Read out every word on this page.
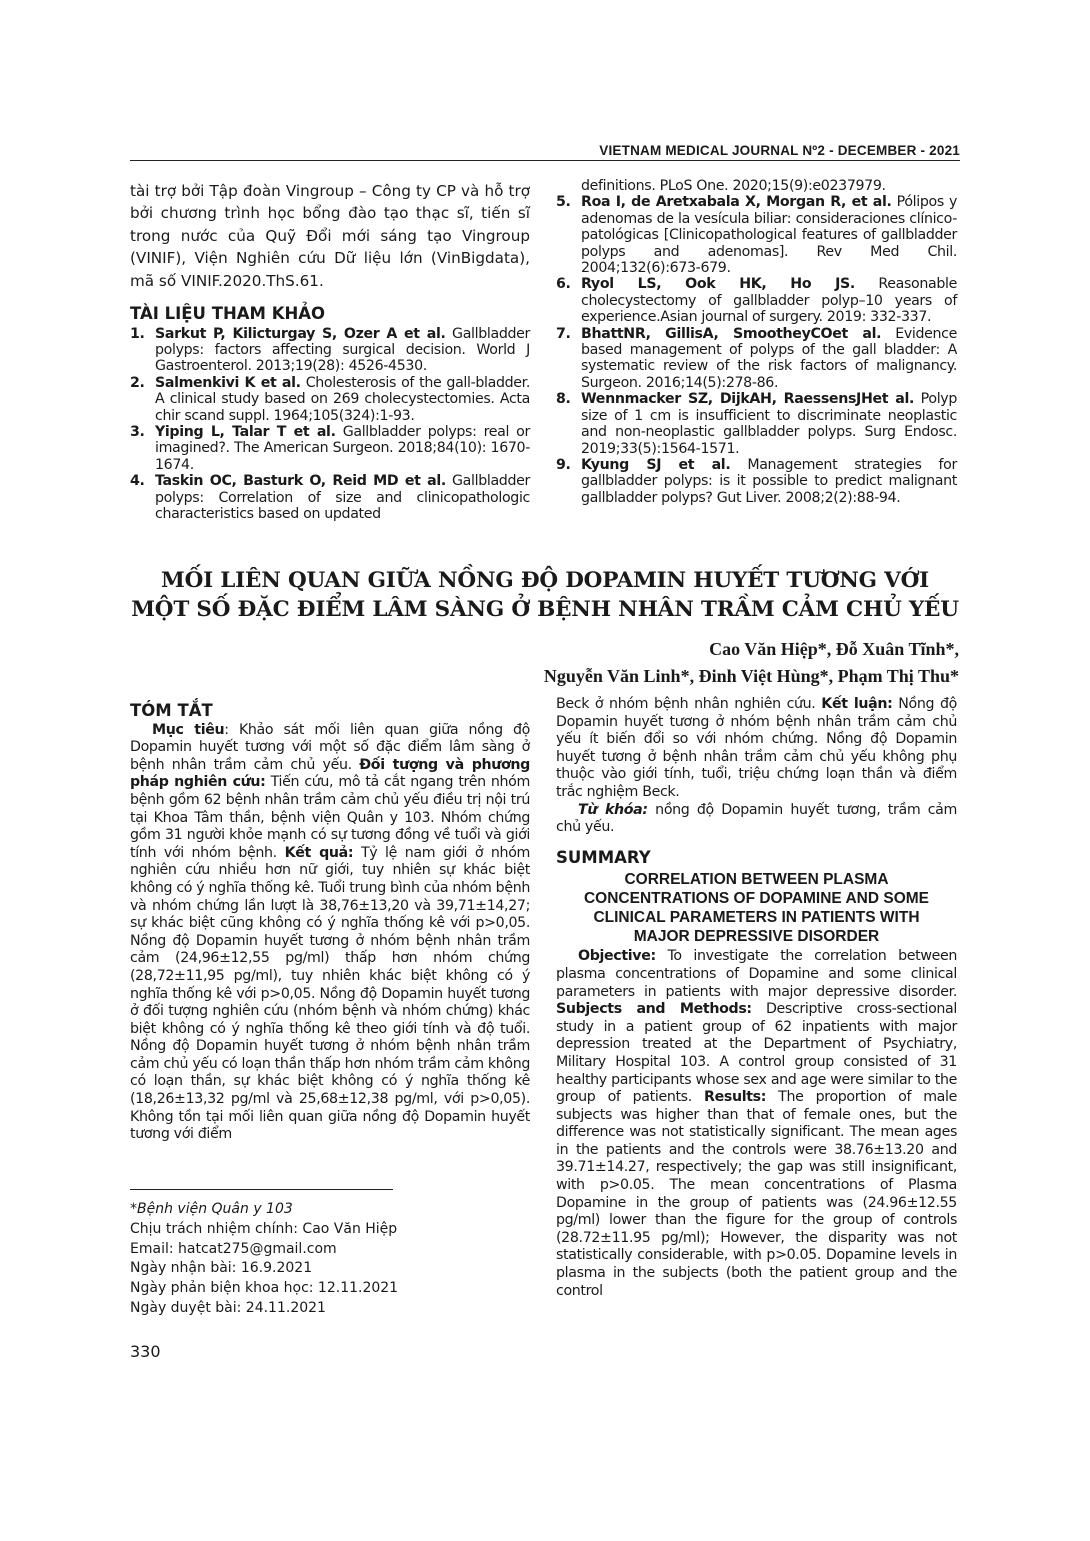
VIETNAM MEDICAL JOURNAL Nº2 - DECEMBER - 2021

tài trợ bởi Tập đoàn Vingroup – Công ty CP và hỗ trợ bởi chương trình học bổng đào tạo thạc sĩ, tiến sĩ trong nước của Quỹ Đổi mới sáng tạo Vingroup (VINIF), Viện Nghiên cứu Dữ liệu lớn (VinBigdata), mã số VINIF.2020.ThS.61.

TÀI LIỆU THAM KHẢO
1. Sarkut P, Kilicturgay S, Ozer A et al. Gallbladder polyps: factors affecting surgical decision. World J Gastroenterol. 2013;19(28): 4526-4530.
2. Salmenkivi K et al. Cholesterosis of the gall-bladder. A clinical study based on 269 cholecystectomies. Acta chir scand suppl. 1964;105(324):1-93.
3. Yiping L, Talar T et al. Gallbladder polyps: real or imagined?. The American Surgeon. 2018;84(10): 1670-1674.
4. Taskin OC, Basturk O, Reid MD et al. Gallbladder polyps: Correlation of size and clinicopathologic characteristics based on updated
definitions. PLoS One. 2020;15(9):e0237979.
5. Roa I, de Aretxabala X, Morgan R, et al. Pólipos y adenomas de la vesícula biliar: consideraciones clínico-patológicas [Clinicopathological features of gallbladder polyps and adenomas]. Rev Med Chil. 2004;132(6):673-679.
6. Ryol LS, Ook HK, Ho JS. Reasonable cholecystectomy of gallbladder polyp–10 years of experience.Asian journal of surgery. 2019: 332-337.
7. BhattNR, GillisA, SmootheyCOet al. Evidence based management of polyps of the gall bladder: A systematic review of the risk factors of malignancy. Surgeon. 2016;14(5):278-86.
8. Wennmacker SZ, DijkAH, RaessensJHet al. Polyp size of 1 cm is insufficient to discriminate neoplastic and non-neoplastic gallbladder polyps. Surg Endosc. 2019;33(5):1564-1571.
9. Kyung SJ et al. Management strategies for gallbladder polyps: is it possible to predict malignant gallbladder polyps? Gut Liver. 2008;2(2):88-94.
MỐI LIÊN QUAN GIỮA NỒNG ĐỘ DOPAMIN HUYẾT TƯƠNG VỚI
MỘT SỐ ĐẶC ĐIỂM LÂM SÀNG Ở BỆNH NHÂN TRẦM CẢM CHỦ YẾU
Cao Văn Hiệp*, Đỗ Xuân Tĩnh*,
Nguyễn Văn Linh*, Đinh Việt Hùng*, Phạm Thị Thu*
TÓM TẮT

Mục tiêu: Khảo sát mối liên quan giữa nồng độ Dopamin huyết tương với một số đặc điểm lâm sàng ở bệnh nhân trầm cảm chủ yếu. Đối tượng và phương pháp nghiên cứu: Tiến cứu, mô tả cắt ngang trên nhóm bệnh gồm 62 bệnh nhân trầm cảm chủ yếu điều trị nội trú tại Khoa Tâm thần, bệnh viện Quân y 103. Nhóm chứng gồm 31 người khỏe mạnh có sự tương đồng về tuổi và giới tính với nhóm bệnh. Kết quả: Tỷ lệ nam giới ở nhóm nghiên cứu nhiều hơn nữ giới, tuy nhiên sự khác biệt không có ý nghĩa thống kê. Tuổi trung bình của nhóm bệnh và nhóm chứng lần lượt là 38,76±13,20 và 39,71±14,27; sự khác biệt cũng không có ý nghĩa thống kê với p>0,05. Nồng độ Dopamin huyết tương ở nhóm bệnh nhân trầm cảm (24,96±12,55 pg/ml) thấp hơn nhóm chứng (28,72±11,95 pg/ml), tuy nhiên khác biệt không có ý nghĩa thống kê với p>0,05. Nồng độ Dopamin huyết tương ở đối tượng nghiên cứu (nhóm bệnh và nhóm chứng) khác biệt không có ý nghĩa thống kê theo giới tính và độ tuổi. Nồng độ Dopamin huyết tương ở nhóm bệnh nhân trầm cảm chủ yếu có loạn thần thấp hơn nhóm trầm cảm không có loạn thần, sự khác biệt không có ý nghĩa thống kê (18,26±13,32 pg/ml và 25,68±12,38 pg/ml, với p>0,05). Không tồn tại mối liên quan giữa nồng độ Dopamin huyết tương với điểm

*Bệnh viện Quân y 103
Chịu trách nhiệm chính: Cao Văn Hiệp
Email: hatcat275@gmail.com
Ngày nhận bài: 16.9.2021
Ngày phản biện khoa học: 12.11.2021
Ngày duyệt bài: 24.11.2021
330

Beck ở nhóm bệnh nhân nghiên cứu. Kết luận: Nồng độ Dopamin huyết tương ở nhóm bệnh nhân trầm cảm chủ yếu ít biến đổi so với nhóm chứng. Nồng độ Dopamin huyết tương ở bệnh nhân trầm cảm chủ yếu không phụ thuộc vào giới tính, tuổi, triệu chứng loạn thần và điểm trắc nghiệm Beck.

Từ khóa: nồng độ Dopamin huyết tương, trầm cảm chủ yếu.

SUMMARY
CORRELATION BETWEEN PLASMA
CONCENTRATIONS OF DOPAMINE AND SOME
CLINICAL PARAMETERS IN PATIENTS WITH
MAJOR DEPRESSIVE DISORDER

Objective: To investigate the correlation between plasma concentrations of Dopamine and some clinical parameters in patients with major depressive disorder. Subjects and Methods: Descriptive cross-sectional study in a patient group of 62 inpatients with major depression treated at the Department of Psychiatry, Military Hospital 103. A control group consisted of 31 healthy participants whose sex and age were similar to the group of patients. Results: The proportion of male subjects was higher than that of female ones, but the difference was not statistically significant. The mean ages in the patients and the controls were 38.76±13.20 and 39.71±14.27, respectively; the gap was still insignificant, with p>0.05. The mean concentrations of Plasma Dopamine in the group of patients was (24.96±12.55 pg/ml) lower than the figure for the group of controls (28.72±11.95 pg/ml); However, the disparity was not statistically considerable, with p>0.05. Dopamine levels in plasma in the subjects (both the patient group and the control
